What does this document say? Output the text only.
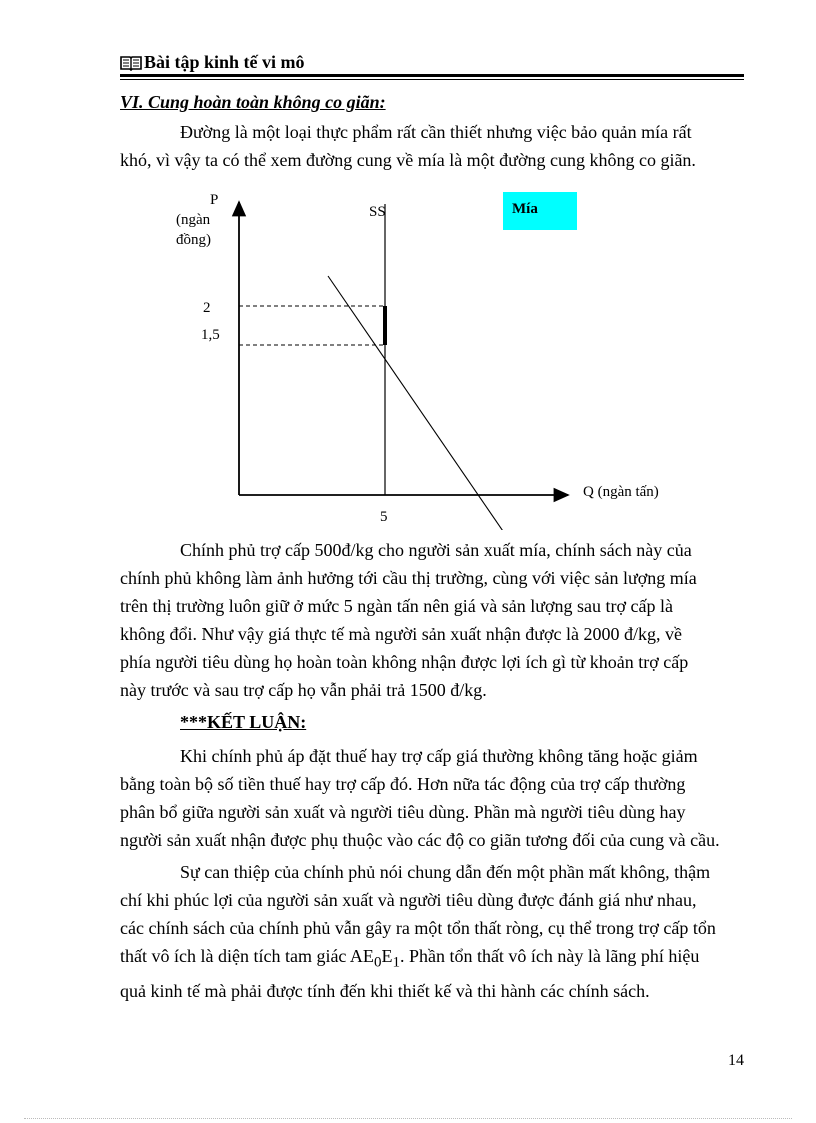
Bài tập kinh tế vi mô
VI. Cung hoàn toàn không co giãn:
Đường là một loại thực phẩm rất cần thiết nhưng việc bảo quản mía rất
khó, vì vậy ta có thể xem đường cung về mía là một đường cung không co giãn.
P
(ngàn
đồng)
Q (ngàn tấn)
Mía
SS
2
1,5
5
Chính phủ trợ cấp 500đ/kg cho người sản xuất mía, chính sách này của
chính phủ không làm ảnh hưởng tới cầu thị trường, cùng với việc sản lượng mía
trên thị trường luôn giữ ở mức 5 ngàn tấn nên giá và sản lượng sau trợ cấp là
không đổi. Như vậy giá thực tế mà người sản xuất nhận được là 2000 đ/kg, về
phía người tiêu dùng họ hoàn toàn không nhận được lợi ích gì từ khoản trợ cấp
này trước và sau trợ cấp họ vẫn phải trả 1500 đ/kg.
***KẾT LUẬN:
Khi chính phủ áp đặt thuế hay trợ cấp giá thường không tăng hoặc giảm
bằng toàn bộ số tiền thuế hay trợ cấp đó. Hơn nữa tác động của trợ cấp thường
phân bổ giữa người sản xuất và người tiêu dùng. Phần mà người tiêu dùng hay
người sản xuất nhận được phụ thuộc vào các độ co giãn tương đối của cung và cầu.
Sự can thiệp của chính phủ nói chung dẫn đến một phần mất không, thậm
chí khi phúc lợi của người sản xuất và người tiêu dùng được đánh giá như nhau,
các chính sách của chính phủ vẫn gây ra một tổn thất ròng, cụ thể trong trợ cấp tổn
thất vô ích là diện tích tam giác $AE_0E_1$. Phần tổn thất vô ích này là lãng phí hiệu
quả kinh tế mà phải được tính đến khi thiết kế và thi hành các chính sách.
14
